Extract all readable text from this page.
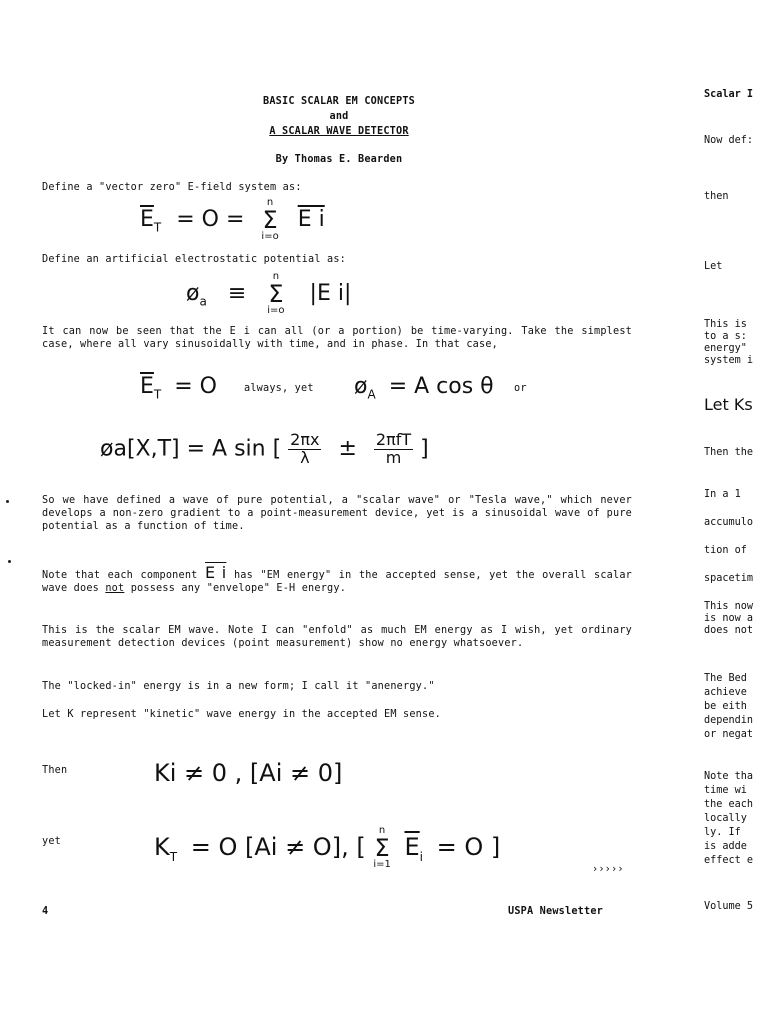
BASIC SCALAR EM CONCEPTS
and
A SCALAR WAVE DETECTOR
By Thomas E. Bearden
Define a "vector zero" E-field system as:
$\overline{E}_T = O$ =
n
Σ
i=o
E i
Define an artificial electrostatic potential as:
$ø_a$ ≡
n
Σ
i=o
|E i|
It can now be seen that the E i can all (or a portion) be time-varying. Take the simplest case, where all vary sinusoidally with time, and in phase. In that case,
$\overline{E}_T = O$	always, yet $ø_A = A$ cos θ or
øa[X,T] = A sin [ $\frac{2\pi x}{\lambda} \pm \frac{\text{2πfT}}{m}$ ]
So we have defined a wave of pure potential, a "scalar wave" or "Tesla wave," which never develops a non-zero gradient to a point-measurement device, yet is a sinusoidal wave of pure potential as a function of time.
Note that each component E i has "EM energy" in the accepted sense, yet the overall scalar wave does not possess any "envelope" E-H energy.
This is the scalar EM wave. Note I can "enfold" as much EM energy as I wish, yet ordinary measurement detection devices (point measurement) show no energy whatsoever.
The "locked-in" energy is in a new form; I call it "anenergy."
Let K represent "kinetic" wave energy in the accepted EM sense.
Then	Ki ≠ 0 , [Ai ≠ 0]
yet	$K_T = O$ [Ai ≠ O], [
n
Σ
i=1
$\overline{E}_i = O$ ]
›››››
4	USPA Newsletter
Scalar I
Now def:
then
Let
This is
to a s:
energy"
system i
Let Ks
Then the
In a 1
accumulo
tion of
spacetim
This now
is now a
does not
The Bed
achieve
be eith
dependin
or negat
Note tha
time wi
the each
locally
ly. If
is adde
effect e
Volume 5
